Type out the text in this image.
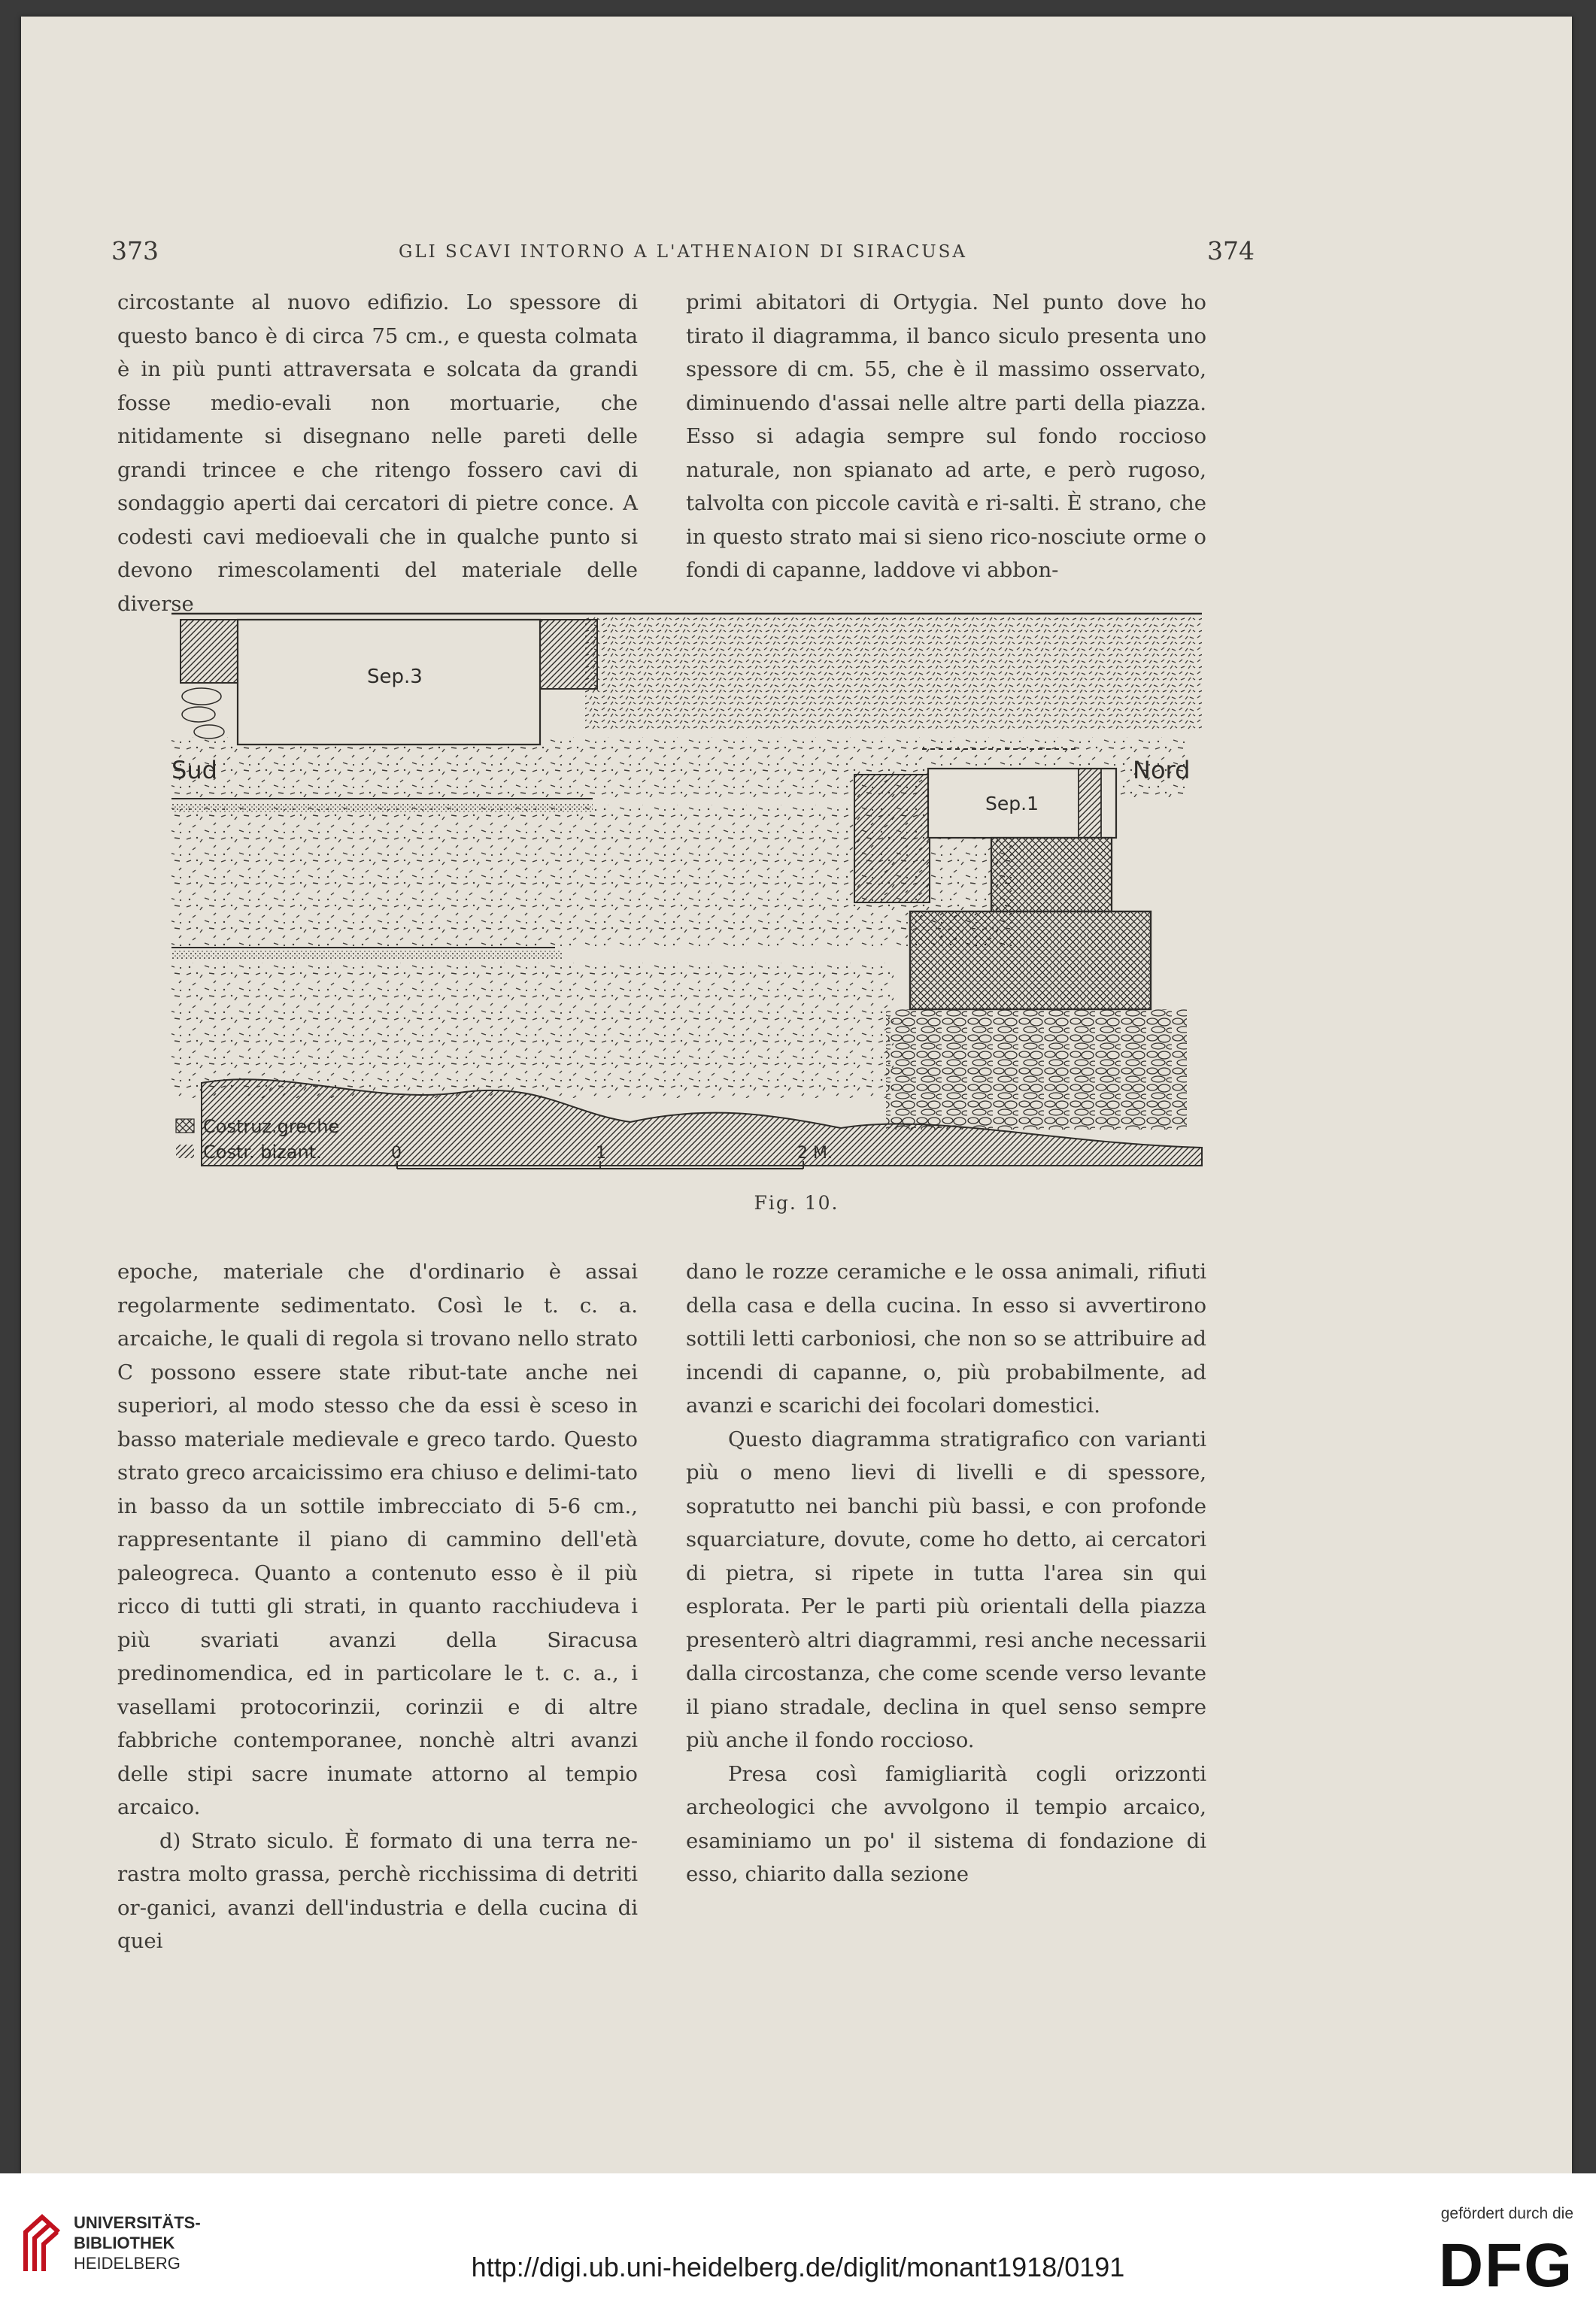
373	GLI SCAVI INTORNO A L'ATHENAION DI SIRACUSA	374

circostante al nuovo edifizio. Lo spessore di questo banco è di circa 75 cm., e questa colmata è in più punti attraversata e solcata da grandi fosse medio-evali non mortuarie, che nitidamente si disegnano nelle pareti delle grandi trincee e che ritengo fossero cavi di sondaggio aperti dai cercatori di pietre conce. A codesti cavi medioevali che in qualche punto si devono rimescolamenti del materiale delle diverse

primi abitatori di Ortygia. Nel punto dove ho tirato il diagramma, il banco siculo presenta uno spessore di cm. 55, che è il massimo osservato, diminuendo d'assai nelle altre parti della piazza. Esso si adagia sempre sul fondo roccioso naturale, non spianato ad arte, e però rugoso, talvolta con piccole cavità e ri-salti. È strano, che in questo strato mai si sieno rico-nosciute orme o fondi di capanne, laddove vi abbon-

Sep.3
Sud	Nord
Sep.1
Costruz.greche
Costr. bizant.	0	1	2 M.
Fig. 10.

epoche, materiale che d'ordinario è assai regolarmente sedimentato. Così le t. c. a. arcaiche, le quali di regola si trovano nello strato C possono essere state ribut-tate anche nei superiori, al modo stesso che da essi è sceso in basso materiale medievale e greco tardo. Questo strato greco arcaicissimo era chiuso e delimi-tato in basso da un sottile imbrecciato di 5-6 cm., rappresentante il piano di cammino dell'età paleogreca. Quanto a contenuto esso è il più ricco di tutti gli strati, in quanto racchiudeva i più svariati avanzi della Siracusa predinomendica, ed in particolare le t. c. a., i vasellami protocorinzii, corinzii e di altre fabbriche contemporanee, nonchè altri avanzi delle stipi sacre inumate attorno al tempio arcaico.

d) Strato siculo. È formato di una terra ne-rastra molto grassa, perchè ricchissima di detriti or-ganici, avanzi dell'industria e della cucina di quei

dano le rozze ceramiche e le ossa animali, rifiuti della casa e della cucina. In esso si avvertirono sottili letti carboniosi, che non so se attribuire ad incendi di capanne, o, più probabilmente, ad avanzi e scarichi dei focolari domestici.

Questo diagramma stratigrafico con varianti più o meno lievi di livelli e di spessore, sopratutto nei banchi più bassi, e con profonde squarciature, dovute, come ho detto, ai cercatori di pietra, si ripete in tutta l'area sin qui esplorata. Per le parti più orientali della piazza presenterò altri diagrammi, resi anche necessarii dalla circostanza, che come scende verso levante il piano stradale, declina in quel senso sempre più anche il fondo roccioso.

Presa così famigliarità cogli orizzonti archeologici che avvolgono il tempio arcaico, esaminiamo un po' il sistema di fondazione di esso, chiarito dalla sezione

UNIVERSITÄTS-
BIBLIOTHEK
HEIDELBERG	http://digi.ub.uni-heidelberg.de/diglit/monant1918/0191
gefördert durch die
DFG
